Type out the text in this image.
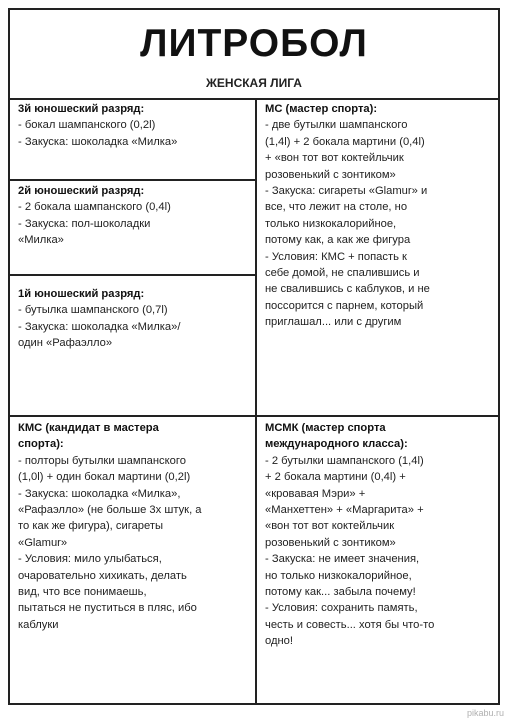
ЛИТРОБОЛ
ЖЕНСКАЯ ЛИГА
3й юношеский разряд:
- бокал шампанского (0,2l)
- Закуска: шоколадка «Милка»
2й юношеский разряд:
- 2 бокала шампанского (0,4l)
- Закуска: пол-шоколадки
«Милка»
1й юношеский разряд:
- бутылка шампанского (0,7l)
- Закуска: шоколадка «Милка»/
один «Рафаэлло»
МС (мастер спорта):
- две бутылки шампанского
(1,4l) + 2 бокала мартини (0,4l)
+ «вон тот вот коктейльчик
розовенький с зонтиком»
- Закуска: сигареты «Glamur» и
все, что лежит на столе, но
только низкокалорийное,
потому как, а как же фигура
- Условия: КМС + попасть к
себе домой, не спалившись и
не свалившись с каблуков, и не
поссорится с парнем, который
приглашал... или с другим
КМС (кандидат в мастера
спорта):
- полторы бутылки шампанского
(1,0l) + один бокал мартини (0,2l)
- Закуска: шоколадка «Милка»,
«Рафаэлло» (не больше 3х штук, а
то как же фигура), сигареты
«Glamur»
- Условия: мило улыбаться,
очаровательно хихикать, делать
вид, что все понимаешь,
пытаться не пуститься в пляс, ибо
каблуки
МСМК (мастер спорта
международного класса):
- 2 бутылки шампанского (1,4l)
+ 2 бокала мартини (0,4l) +
«кровавая Мэри» +
«Манхеттен» + «Маргарита» +
«вон тот вот коктейльчик
розовенький с зонтиком»
- Закуска: не имеет значения,
но только низкокалорийное,
потому как... забыла почему!
- Условия: сохранить память,
честь и совесть... хотя бы что-то
одно!
pikabu.ru
